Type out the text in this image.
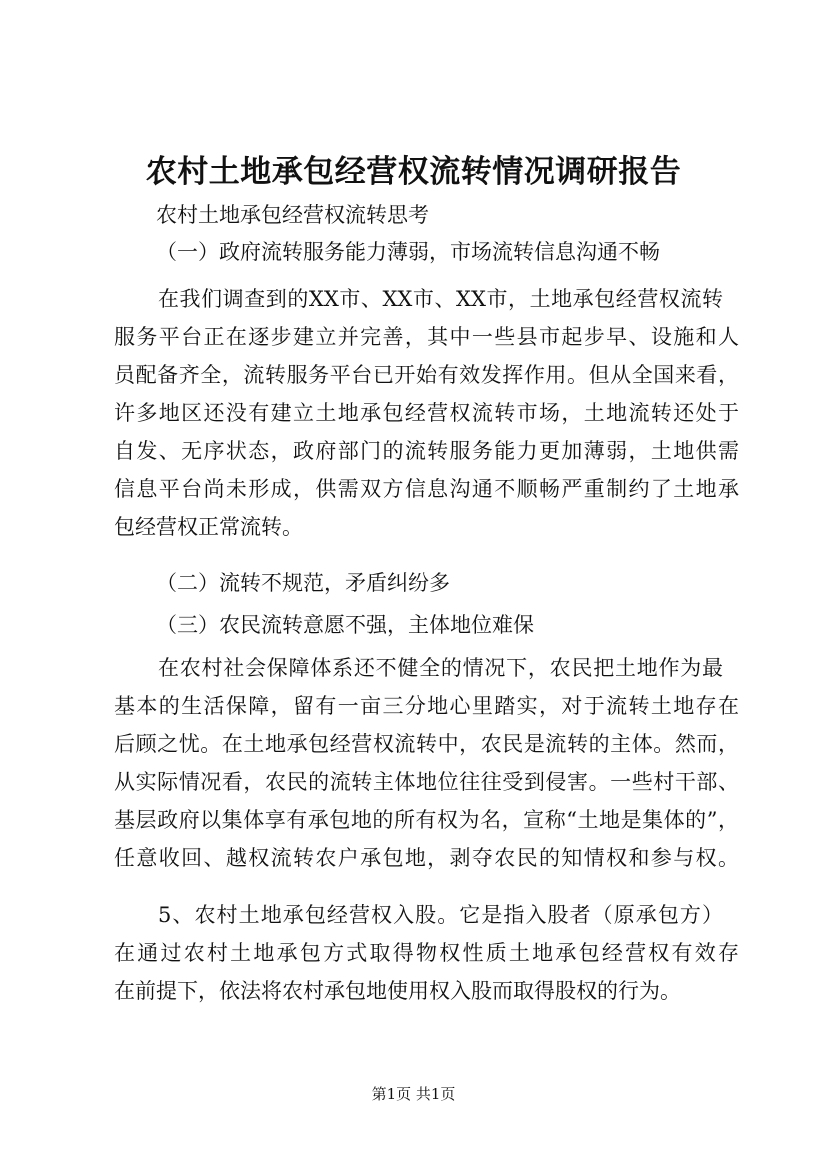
农村土地承包经营权流转情况调研报告
农村土地承包经营权流转思考
（一）政府流转服务能力薄弱，市场流转信息沟通不畅
在我们调查到的XX市、XX市、XX市，土地承包经营权流转
服务平台正在逐步建立并完善，其中一些县市起步早、设施和人
员配备齐全，流转服务平台已开始有效发挥作用。但从全国来看，
许多地区还没有建立土地承包经营权流转市场，土地流转还处于
自发、无序状态，政府部门的流转服务能力更加薄弱，土地供需
信息平台尚未形成，供需双方信息沟通不顺畅严重制约了土地承
包经营权正常流转。
（二）流转不规范，矛盾纠纷多
（三）农民流转意愿不强，主体地位难保
在农村社会保障体系还不健全的情况下，农民把土地作为最
基本的生活保障，留有一亩三分地心里踏实，对于流转土地存在
后顾之忧。在土地承包经营权流转中，农民是流转的主体。然而，
从实际情况看，农民的流转主体地位往往受到侵害。一些村干部、
基层政府以集体享有承包地的所有权为名，宣称“土地是集体的”，
任意收回、越权流转农户承包地，剥夺农民的知情权和参与权。
5、农村土地承包经营权入股。它是指入股者（原承包方）
在通过农村土地承包方式取得物权性质土地承包经营权有效存
在前提下，依法将农村承包地使用权入股而取得股权的行为。
第1页 共1页
